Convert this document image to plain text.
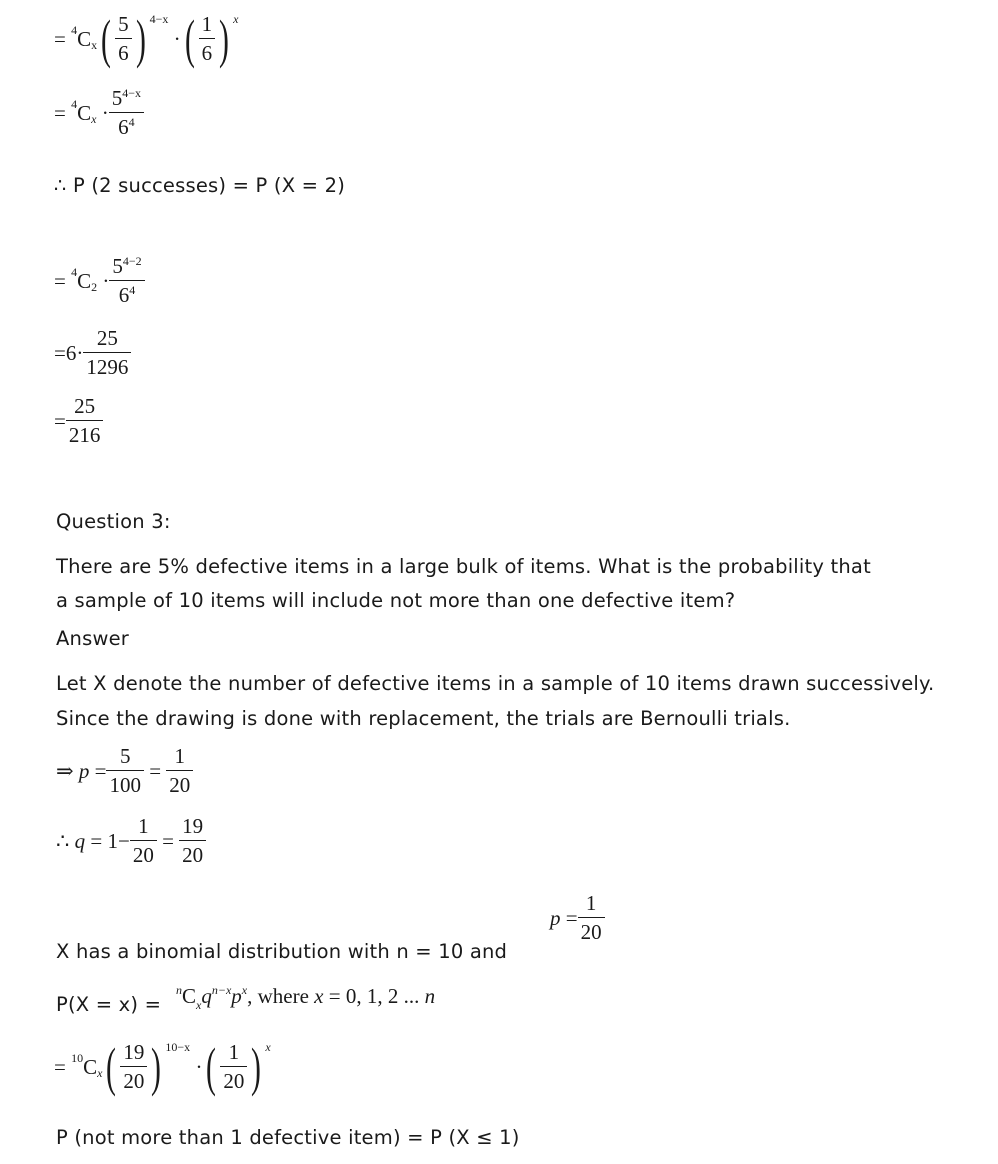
=
4 C x ( $\frac{5}{6}$ ) 4−x

· ( $\frac{1}{6}$ ) x
=
4 C x
· $\frac{5^{4-x}}{6^4}$
∴ P (2 successes) = P (X = 2)
=
4 C 2
· $\frac{5^{4-2}}{6^4}$
= $6 \cdot \frac{25}{1296}$
= $\frac{25}{216}$
Question 3:
There are 5% defective items in a large bulk of items. What is the probability that
a sample of 10 items will include not more than one defective item?
Answer
Let X denote the number of defective items in a sample of 10 items drawn successively.
Since the drawing is done with replacement, the trials are Bernoulli trials.
⇒
p
= $\frac{5}{100}$
=
$\frac{1}{20}$
∴
q
=
$1 - \frac{1}{20}$
=
$\frac{19}{20}$
X has a binomial distribution with n = 10 and
p
= $\frac{1}{20}$
P(X = x) =
$^nC_xq^{n-x}p^x$, where x = 0, 1, 2 ... n
=
10 C x ( $\frac{19}{20}$ ) 10−x

· ( $\frac{1}{20}$ ) x
P (not more than 1 defective item) = P (X ≤ 1)
